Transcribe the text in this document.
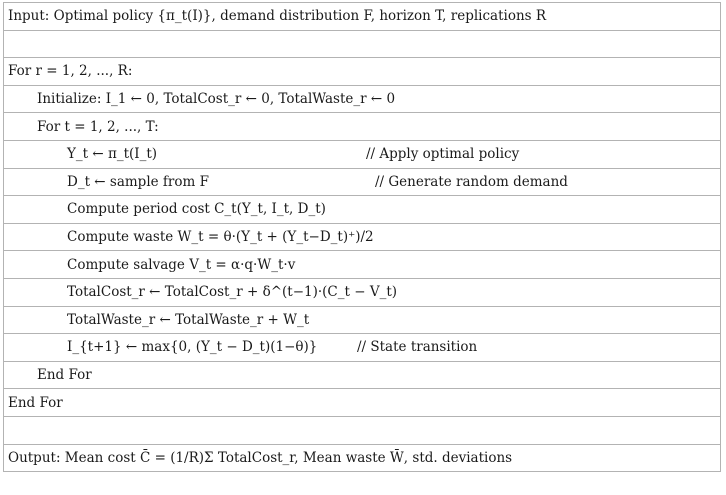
Input: Optimal policy {π_t(I)}, demand distribution F, horizon T, replications R

For r = 1, 2, ..., R:
Initialize: I_1 ← 0, TotalCost_r ← 0, TotalWaste_r ← 0
For t = 1, 2, ..., T:
Y_t ← π_t(I_t)	// Apply optimal policy
D_t ← sample from F	// Generate random demand
Compute period cost C_t(Y_t, I_t, D_t)
Compute waste W_t = θ·(Y_t + (Y_t−D_t)⁺)/2
Compute salvage V_t = α·q·W_t·v
TotalCost_r ← TotalCost_r + δ^(t−1)·(C_t − V_t)
TotalWaste_r ← TotalWaste_r + W_t
I_{t+1} ← max{0, (Y_t − D_t)(1−θ)}	// State transition
End For
End For

Output: Mean cost C̄ = (1/R)Σ TotalCost_r, Mean waste W̄, std. deviations
